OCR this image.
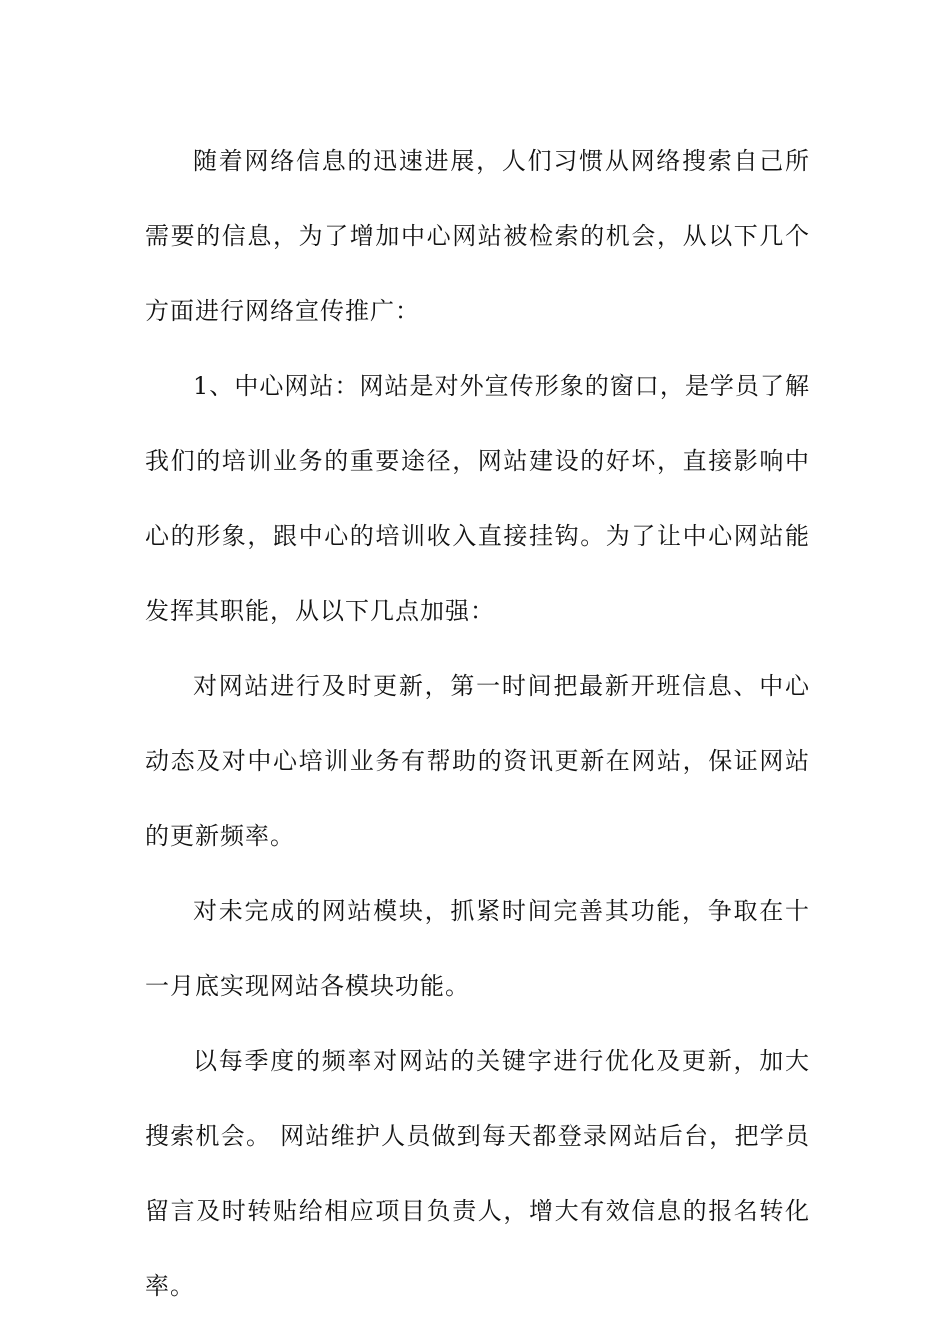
随着网络信息的迅速进展，人们习惯从网络搜索自己所需要的信息，为了增加中心网站被检索的机会，从以下几个方面进行网络宣传推广：

1、中心网站：网站是对外宣传形象的窗口，是学员了解我们的培训业务的重要途径，网站建设的好坏，直接影响中心的形象，跟中心的培训收入直接挂钩。为了让中心网站能发挥其职能，从以下几点加强：

对网站进行及时更新，第一时间把最新开班信息、中心动态及对中心培训业务有帮助的资讯更新在网站，保证网站的更新频率。

对未完成的网站模块，抓紧时间完善其功能，争取在十一月底实现网站各模块功能。

以每季度的频率对网站的关键字进行优化及更新，加大搜索机会。 网站维护人员做到每天都登录网站后台，把学员留言及时转贴给相应项目负责人，增大有效信息的报名转化率。
